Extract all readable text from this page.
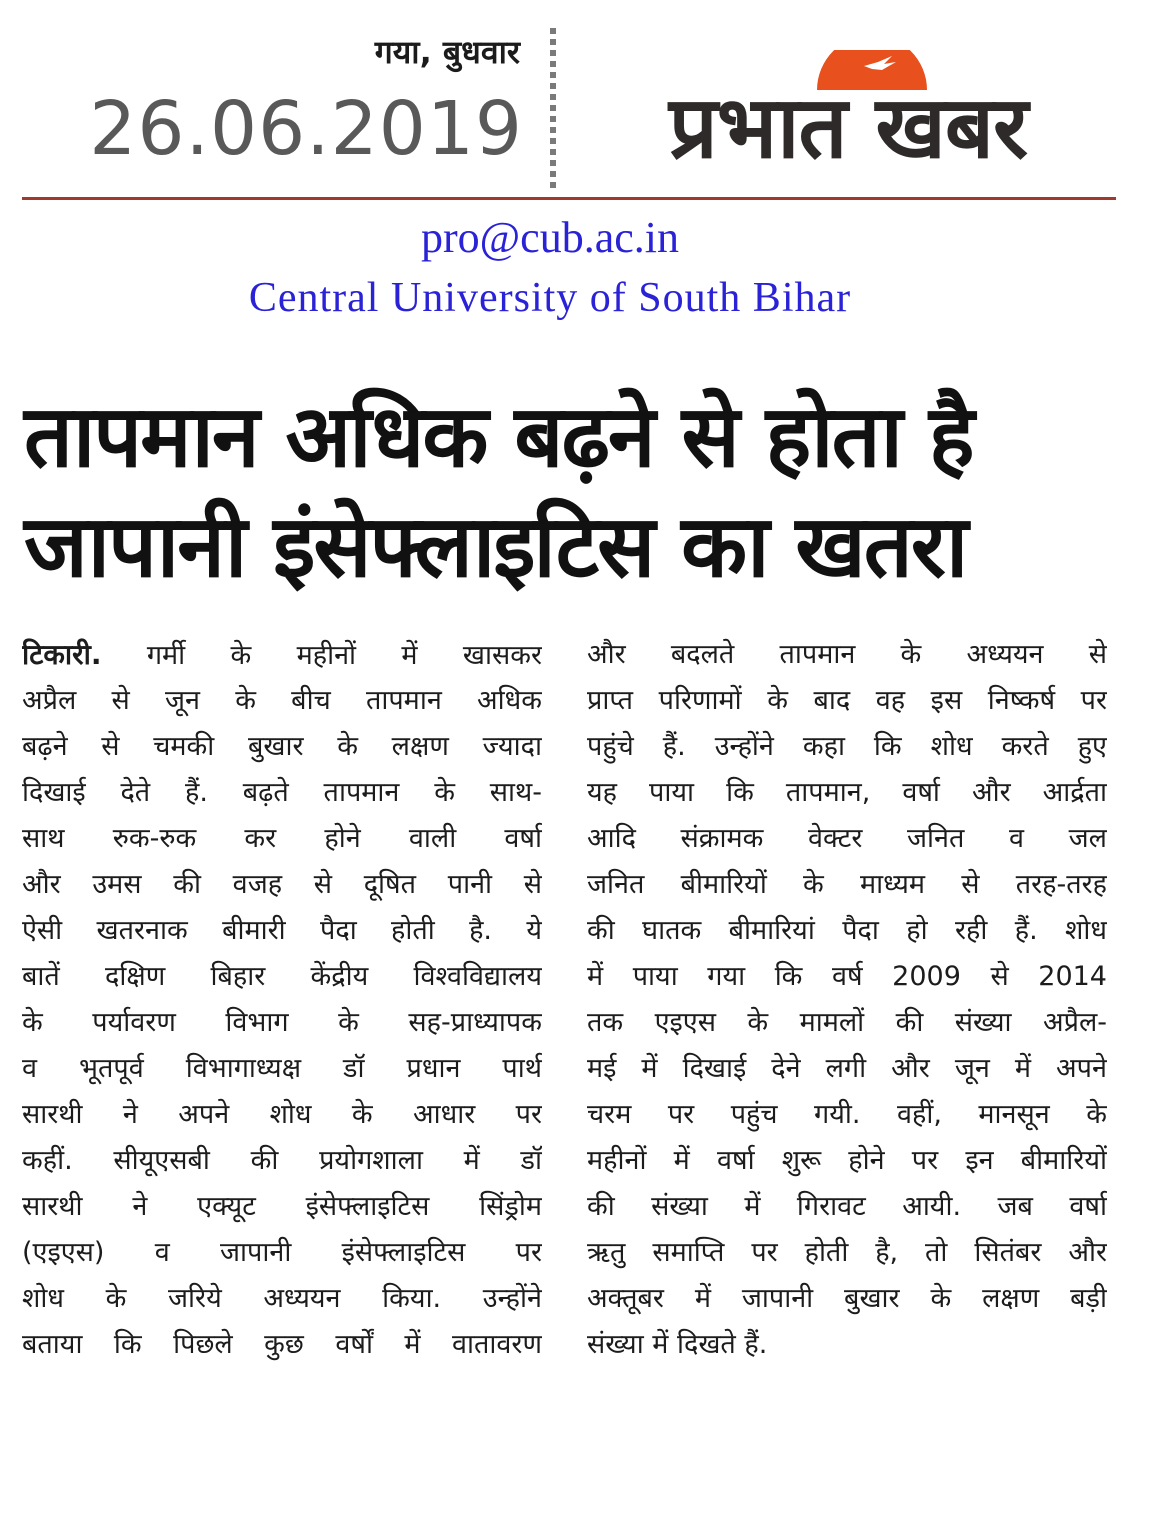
गया, बुधवार
26.06.2019	प्रभात खबर
pro@cub.ac.in
Central University of South Bihar
तापमान अधिक बढ़ने से होता है
जापानी इंसेफ्लाइटिस का खतरा
टिकारी. गर्मी के महीनों में खासकर
अप्रैल से जून के बीच तापमान अधिक
बढ़ने से चमकी बुखार के लक्षण ज्यादा
दिखाई देते हैं. बढ़ते तापमान के साथ-
साथ रुक-रुक कर होने वाली वर्षा
और उमस की वजह से दूषित पानी से
ऐसी खतरनाक बीमारी पैदा होती है. ये
बातें दक्षिण बिहार केंद्रीय विश्वविद्यालय
के पर्यावरण विभाग के सह-प्राध्यापक
व भूतपूर्व विभागाध्यक्ष डॉ प्रधान पार्थ
सारथी ने अपने शोध के आधार पर
कहीं. सीयूएसबी की प्रयोगशाला में डॉ
सारथी ने एक्यूट इंसेफ्लाइटिस सिंड्रोम
(एइएस) व जापानी इंसेफ्लाइटिस पर
शोध के जरिये अध्ययन किया. उन्होंने
बताया कि पिछले कुछ वर्षों में वातावरण
और बदलते तापमान के अध्ययन से
प्राप्त परिणामों के बाद वह इस निष्कर्ष पर
पहुंचे हैं. उन्होंने कहा कि शोध करते हुए
यह पाया कि तापमान, वर्षा और आर्द्रता
आदि संक्रामक वेक्टर जनित व जल
जनित बीमारियों के माध्यम से तरह-तरह
की घातक बीमारियां पैदा हो रही हैं. शोध
में पाया गया कि वर्ष 2009 से 2014
तक एइएस के मामलों की संख्या अप्रैल-
मई में दिखाई देने लगी और जून में अपने
चरम पर पहुंच गयी. वहीं, मानसून के
महीनों में वर्षा शुरू होने पर इन बीमारियों
की संख्या में गिरावट आयी. जब वर्षा
ऋतु समाप्ति पर होती है, तो सितंबर और
अक्तूबर में जापानी बुखार के लक्षण बड़ी
संख्या में दिखते हैं.
